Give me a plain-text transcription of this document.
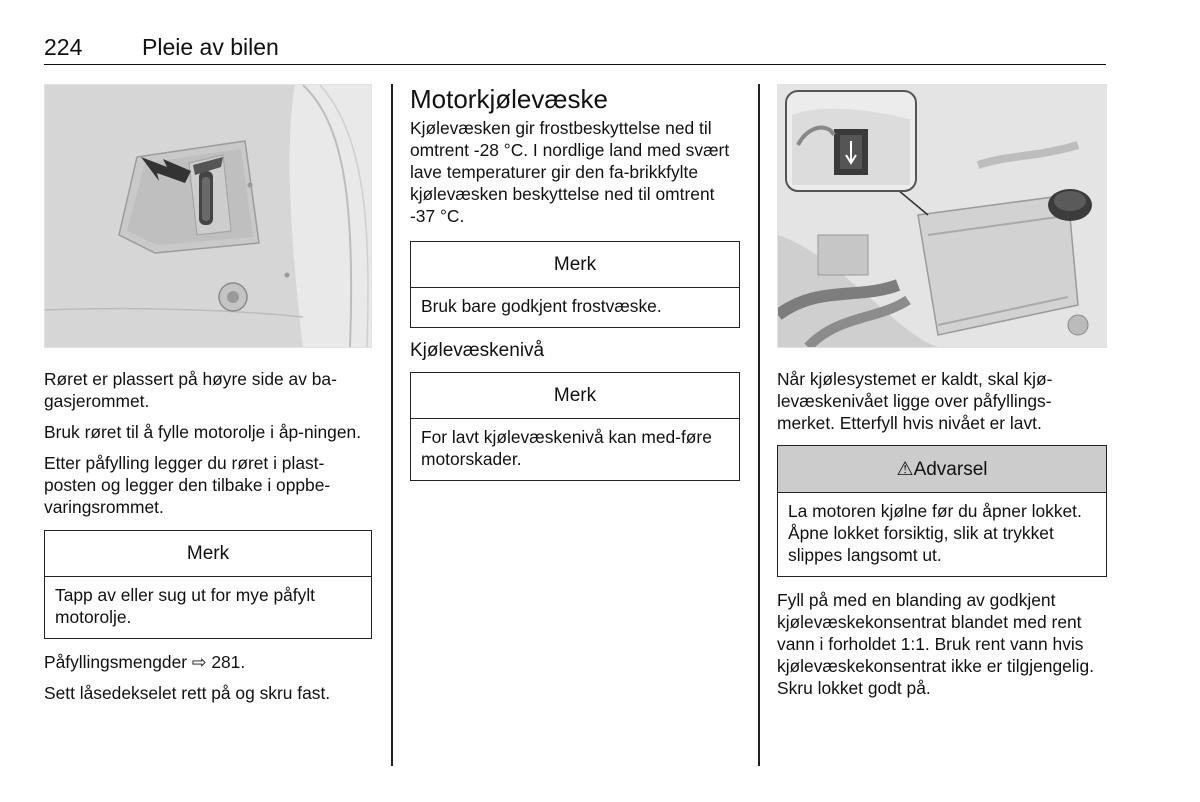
224	Pleie av bilen

Røret er plassert på høyre side av ba-gasjerommet.

Bruk røret til å fylle motorolje i åp-ningen.

Etter påfylling legger du røret i plast-posten og legger den tilbake i oppbe-varingsrommet.

Merk
Tapp av eller sug ut for mye påfylt motorolje.

Påfyllingsmengder ⇨ 281.

Sett låsedekselet rett på og skru fast.

Motorkjølevæske

Kjølevæsken gir frostbeskyttelse ned til omtrent -28 °C. I nordlige land med svært lave temperaturer gir den fa-brikkfylte kjølevæsken beskyttelse ned til omtrent -37 °C.

Merk
Bruk bare godkjent frostvæske.
Kjølevæskenivå
Merk
For lavt kjølevæskenivå kan med-føre motorskader.

Når kjølesystemet er kaldt, skal kjø-levæskenivået ligge over påfyllings-merket. Etterfyll hvis nivået er lavt.

⚠Advarsel
La motoren kjølne før du åpner lokket. Åpne lokket forsiktig, slik at trykket slippes langsomt ut.

Fyll på med en blanding av godkjent kjølevæskekonsentrat blandet med rent vann i forholdet 1:1. Bruk rent vann hvis kjølevæskekonsentrat ikke er tilgjengelig. Skru lokket godt på.
